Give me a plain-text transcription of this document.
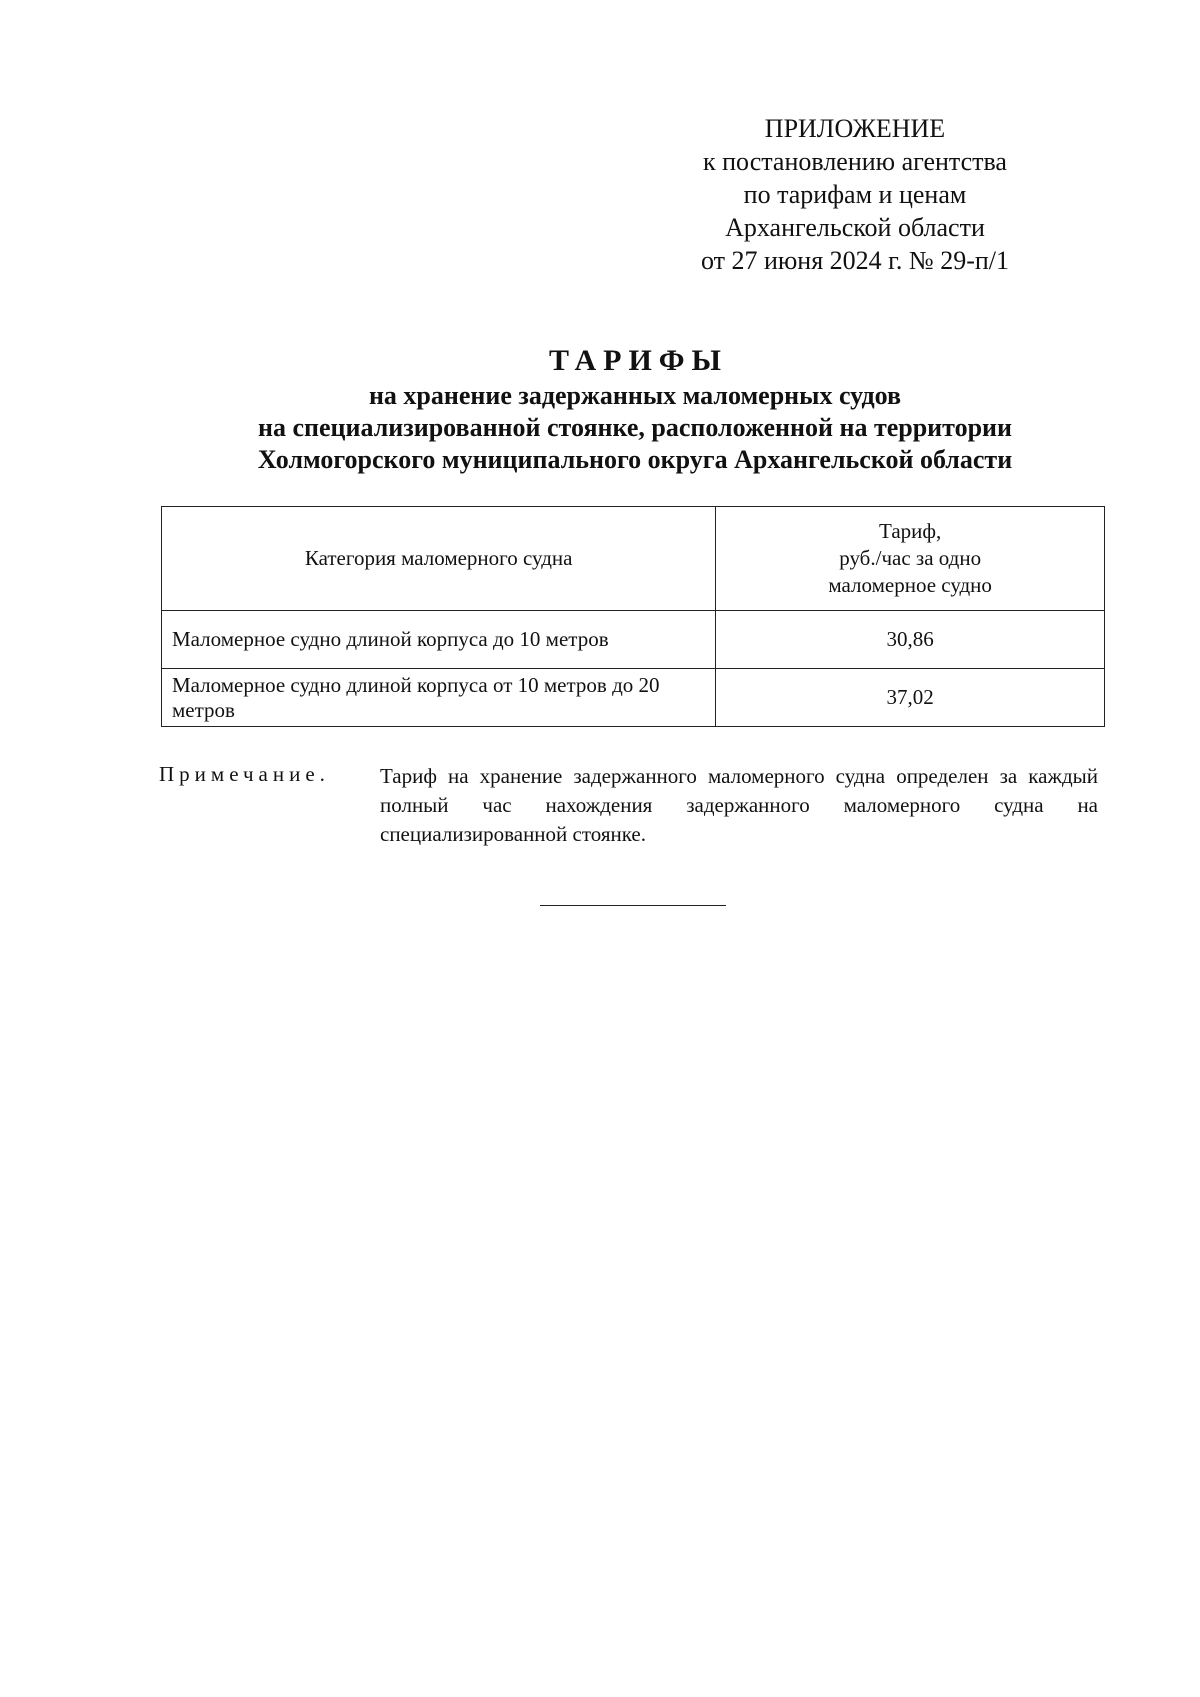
ПРИЛОЖЕНИЕ
к постановлению агентства
по тарифам и ценам
Архангельской области
от 27 июня 2024 г. № 29-п/1
ТАРИФЫ
на хранение задержанных маломерных судов
на специализированной стоянке, расположенной на территории
Холмогорского муниципального округа Архангельской области
Категория маломерного судна	Тариф,
руб./час за одно
маломерное судно

Маломерное судно длиной корпуса до 10 метров	30,86
Маломерное судно длиной корпуса от 10 метров до 20 метров	37,02
Примечание. Тариф на хранение задержанного маломерного судна определен за каждый полный час нахождения задержанного маломерного судна на специализированной стоянке.
